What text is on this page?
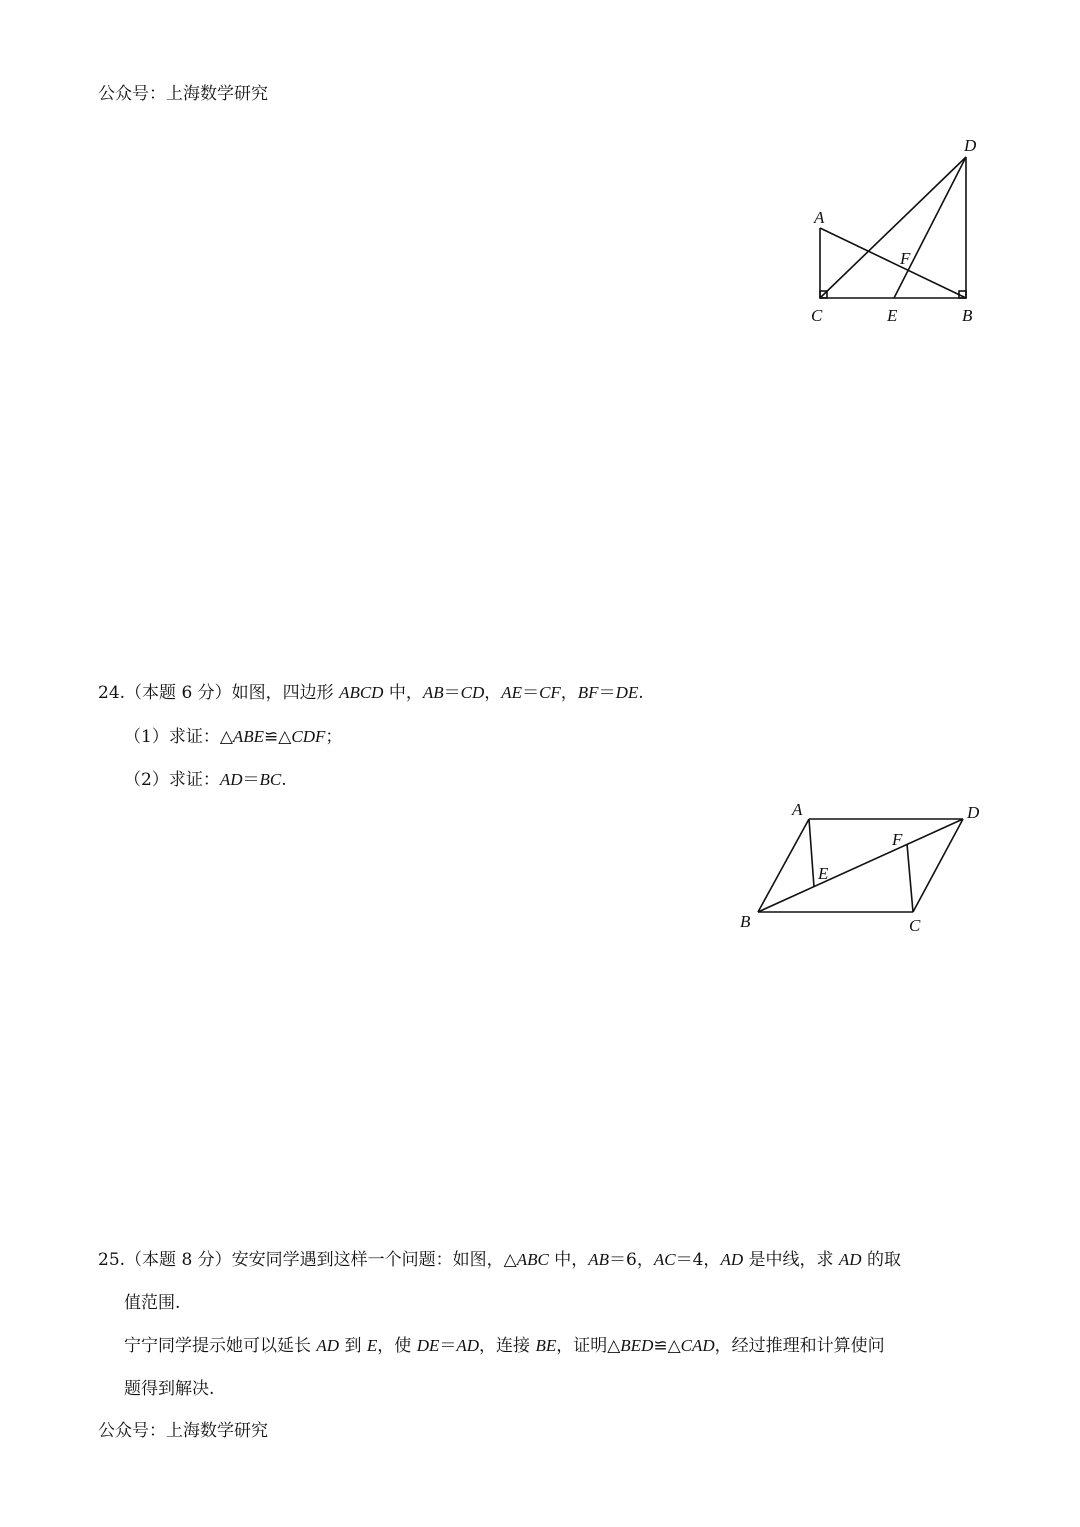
公众号：上海数学研究
A
B
C
D
E
F
24.（本题 6 分）如图，四边形 ABCD 中，AB＝CD，AE＝CF，BF＝DE.
（1）求证：△ABE≌△CDF；
（2）求证：AD＝BC.
A
B	C
D
E
F
25.（本题 8 分）安安同学遇到这样一个问题：如图，△ABC 中，AB＝6，AC＝4，AD 是中线，求 AD 的取
值范围.
宁宁同学提示她可以延长 AD 到 E，使 DE＝AD，连接 BE，证明△BED≌△CAD，经过推理和计算使问
题得到解决.
公众号：上海数学研究
